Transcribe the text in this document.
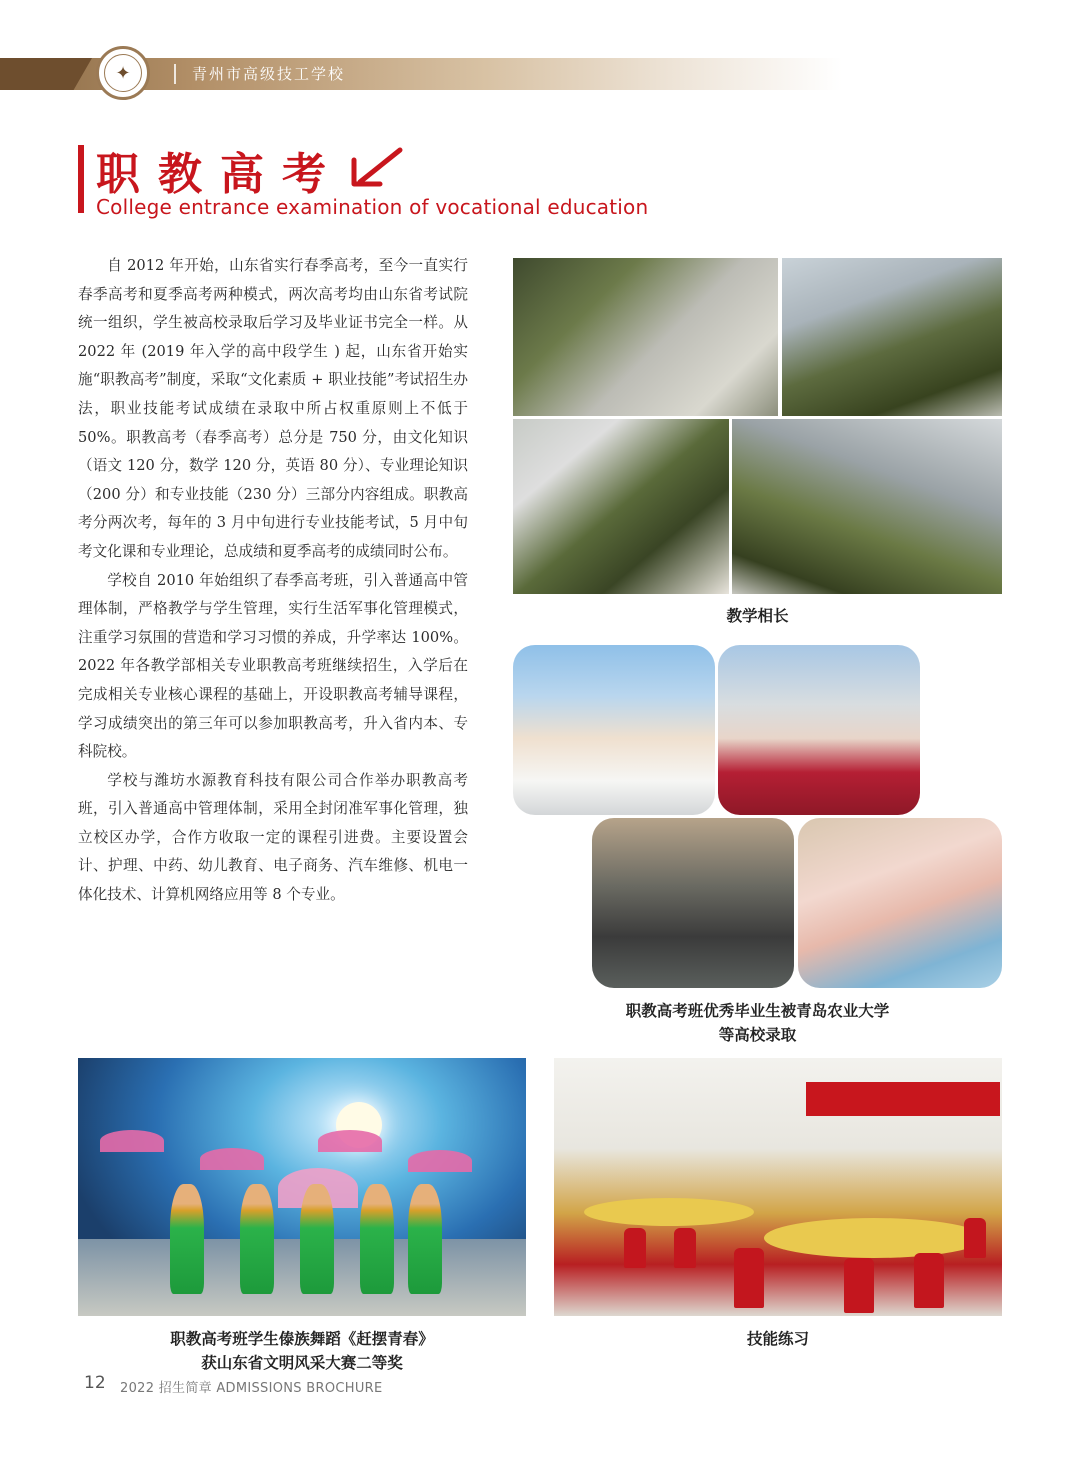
✦	青州市高级技工学校
职教高考
College entrance examination of vocational education

自 2012 年开始，山东省实行春季高考，至今一直实行春季高考和夏季高考两种模式，两次高考均由山东省考试院统一组织，学生被高校录取后学习及毕业证书完全一样。从 2022 年 (2019 年入学的高中段学生 ) 起，山东省开始实施“职教高考”制度，采取“文化素质 + 职业技能”考试招生办法，职业技能考试成绩在录取中所占权重原则上不低于 50%。职教高考（春季高考）总分是 750 分，由文化知识（语文 120 分，数学 120 分，英语 80 分）、专业理论知识（200 分）和专业技能（230 分）三部分内容组成。职教高考分两次考，每年的 3 月中旬进行专业技能考试，5 月中旬考文化课和专业理论，总成绩和夏季高考的成绩同时公布。

学校自 2010 年始组织了春季高考班，引入普通高中管理体制，严格教学与学生管理，实行生活军事化管理模式，注重学习氛围的营造和学习习惯的养成，升学率达 100%。2022 年各教学部相关专业职教高考班继续招生，入学后在完成相关专业核心课程的基础上，开设职教高考辅导课程，学习成绩突出的第三年可以参加职教高考，升入省内本、专科院校。

学校与潍坊水源教育科技有限公司合作举办职教高考班，引入普通高中管理体制，采用全封闭准军事化管理，独立校区办学，合作方收取一定的课程引进费。主要设置会计、护理、中药、幼儿教育、电子商务、汽车维修、机电一体化技术、计算机网络应用等 8 个专业。

教学相长
职教高考班优秀毕业生被青岛农业大学
等高校录取
职教高考班学生傣族舞蹈《赶摆青春》
获山东省文明风采大赛二等奖
技能练习
12 2022 招生简章 ADMISSIONS BROCHURE
